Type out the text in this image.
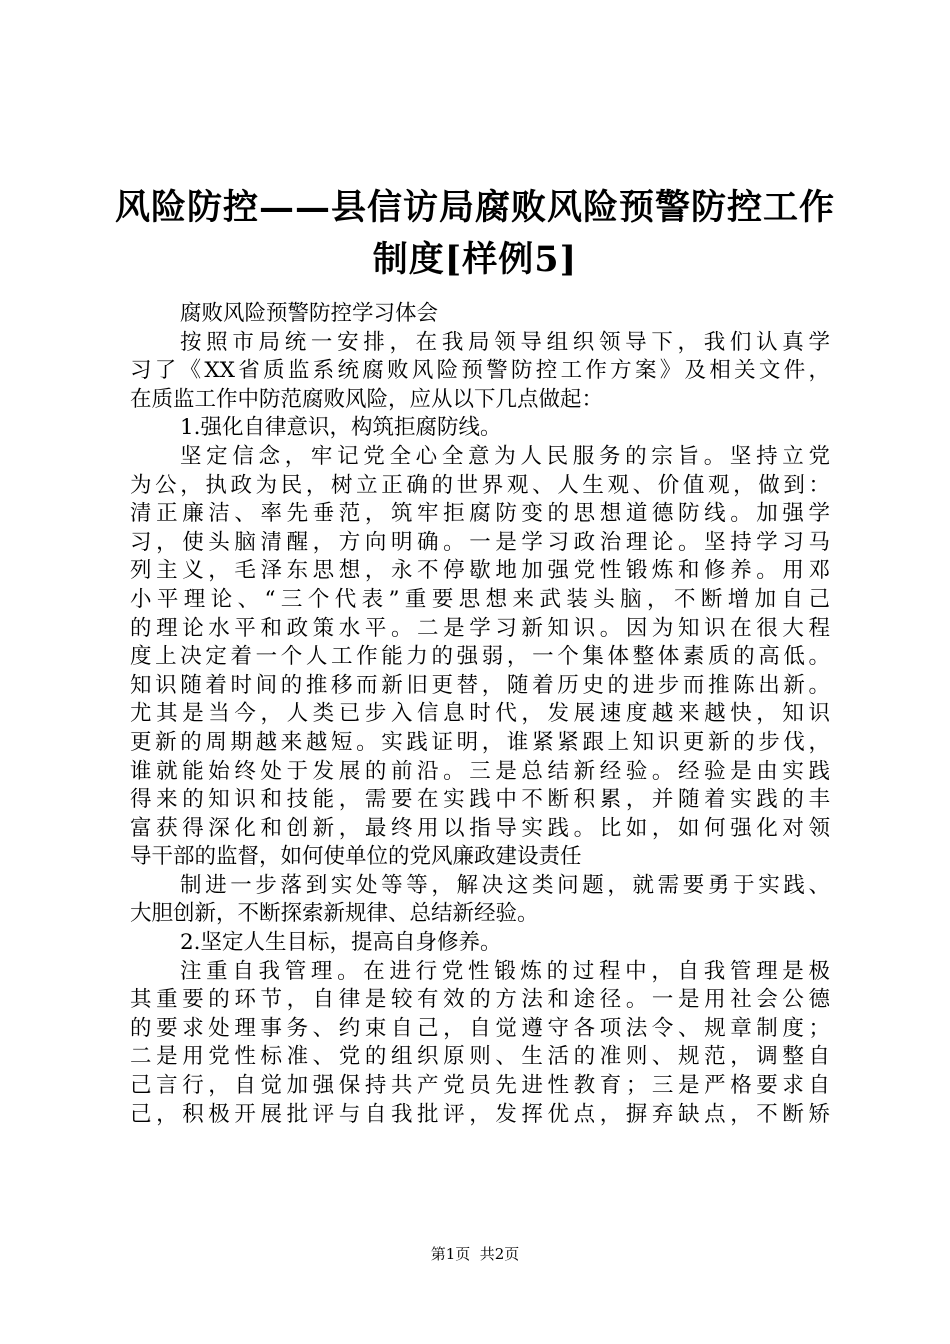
风险防控——县信访局腐败风险预警防控工作
制度[样例5]
腐败风险预警防控学习体会
按照市局统一安排，在我局领导组织领导下，我们认真学
习了《XX省质监系统腐败风险预警防控工作方案》及相关文件，
在质监工作中防范腐败风险，应从以下几点做起：
1.强化自律意识，构筑拒腐防线。
坚定信念，牢记党全心全意为人民服务的宗旨。坚持立党
为公，执政为民，树立正确的世界观、人生观、价值观，做到：
清正廉洁、率先垂范，筑牢拒腐防变的思想道德防线。加强学
习，使头脑清醒，方向明确。一是学习政治理论。坚持学习马
列主义，毛泽东思想，永不停歇地加强党性锻炼和修养。用邓
小平理论、“三个代表”重要思想来武装头脑，不断增加自己
的理论水平和政策水平。二是学习新知识。因为知识在很大程
度上决定着一个人工作能力的强弱，一个集体整体素质的高低。
知识随着时间的推移而新旧更替，随着历史的进步而推陈出新。
尤其是当今，人类已步入信息时代，发展速度越来越快，知识
更新的周期越来越短。实践证明，谁紧紧跟上知识更新的步伐，
谁就能始终处于发展的前沿。三是总结新经验。经验是由实践
得来的知识和技能，需要在实践中不断积累，并随着实践的丰
富获得深化和创新，最终用以指导实践。比如，如何强化对领
导干部的监督，如何使单位的党风廉政建设责任
制进一步落到实处等等，解决这类问题，就需要勇于实践、
大胆创新，不断探索新规律、总结新经验。
2.坚定人生目标，提高自身修养。
注重自我管理。在进行党性锻炼的过程中，自我管理是极
其重要的环节，自律是较有效的方法和途径。一是用社会公德
的要求处理事务、约束自己，自觉遵守各项法令、规章制度；
二是用党性标准、党的组织原则、生活的准则、规范，调整自
己言行，自觉加强保持共产党员先进性教育；三是严格要求自
己，积极开展批评与自我批评，发挥优点，摒弃缺点，不断矫
第1页  共2页
